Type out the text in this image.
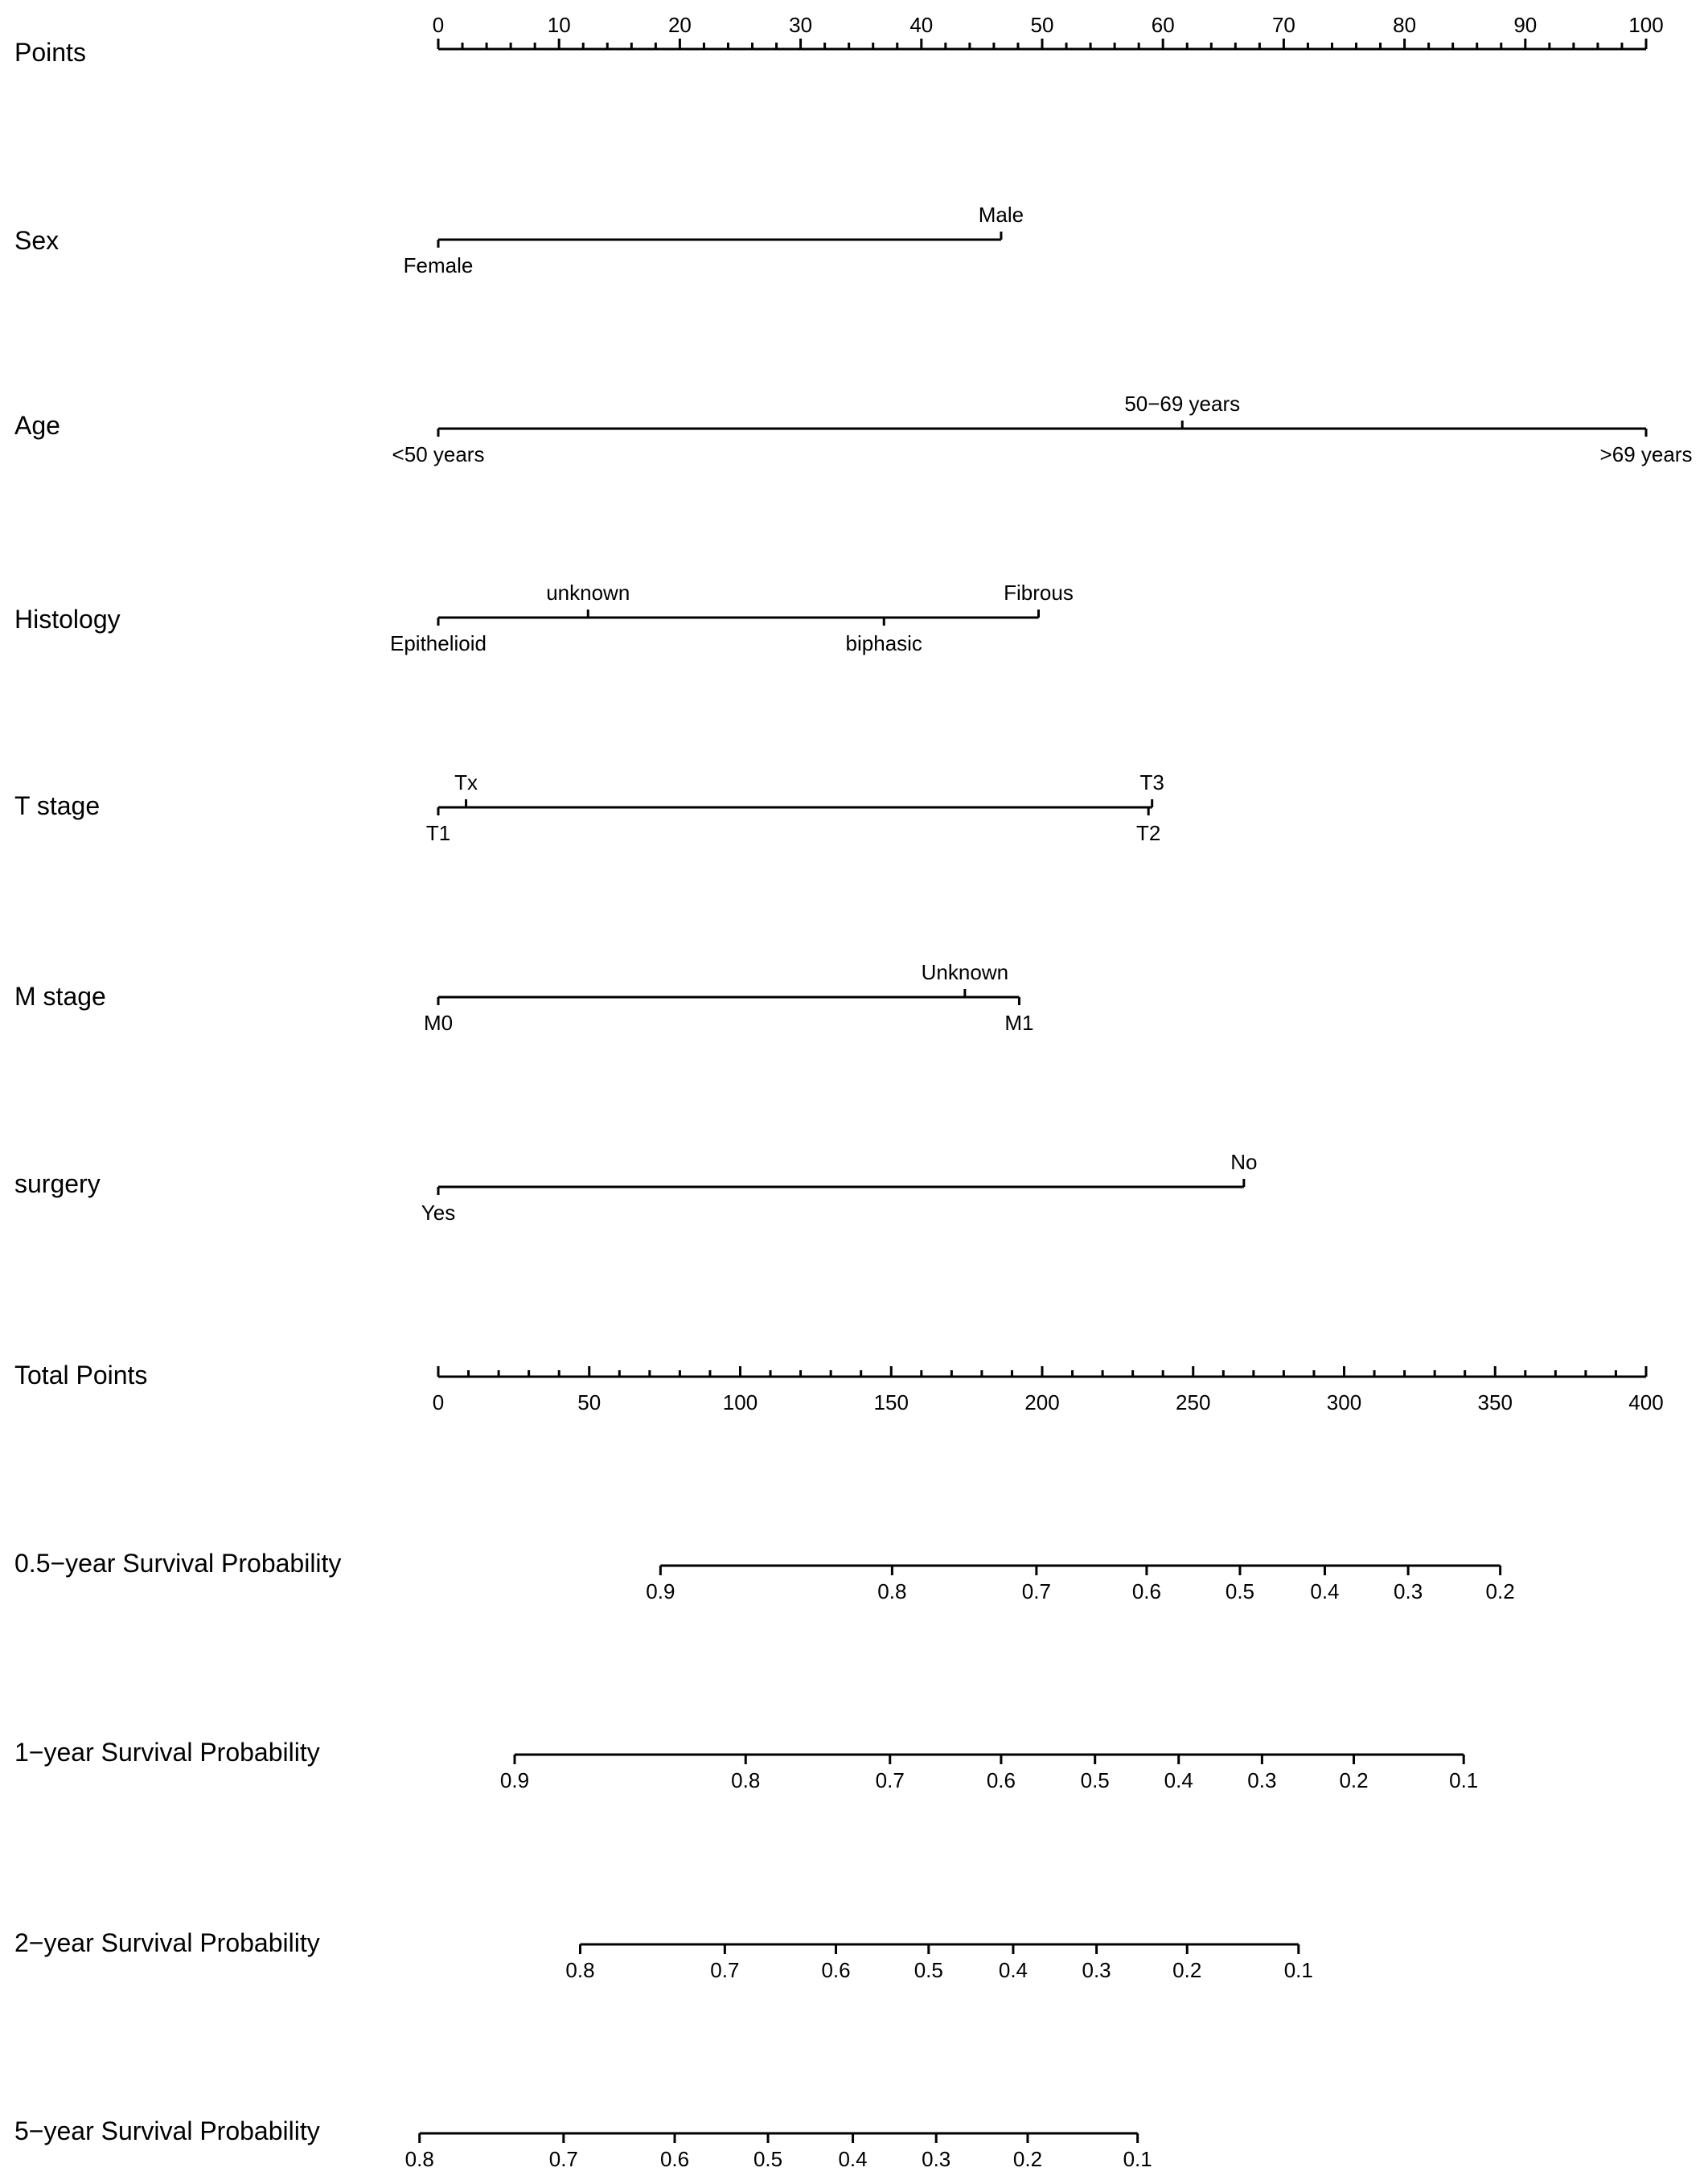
Points
0	10	20	30	40	50	60	70	80	90	100
Sex
Female
Male
Age
<50 years
50−69 years
>69 years
Histology
Epithelioid
unknown
biphasic
Fibrous
T stage
T1
Tx
T2
T3
M stage
M0
Unknown
M1
surgery
Yes
No
Total Points
0	50	100	150	200	250	300	350	400
0.5−year Survival Probability
0.9	0.8	0.7	0.6	0.5	0.4	0.3	0.2
1−year Survival Probability
0.9	0.8	0.7	0.6	0.5	0.4	0.3	0.2	0.1
2−year Survival Probability
0.8	0.7	0.6	0.5	0.4	0.3	0.2	0.1
5−year Survival Probability
0.8	0.7	0.6	0.5	0.4	0.3	0.2	0.1
